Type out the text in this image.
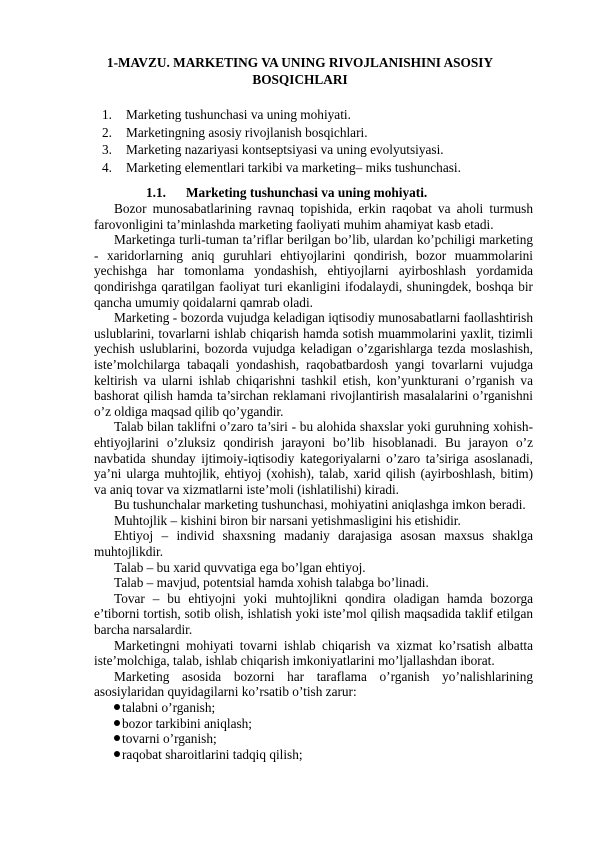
1-MAVZU. MARKETING VA UNING RIVOJLANISHINI ASOSIY
BOSQICHLARI
1. Marketing tushunchasi va uning mohiyati.
2. Marketingning asosiy rivojlanish bosqichlari.
3. Marketing nazariyasi kontseptsiyasi va uning evolyutsiyasi.
4. Marketing elementlari tarkibi va marketing– miks tushunchasi.
1.1. Marketing tushunchasi va uning mohiyati.

Bozor munosabatlarining ravnaq topishida, erkin raqobat va aholi turmush farovonligini ta’minlashda marketing faoliyati muhim ahamiyat kasb etadi.

Marketinga turli-tuman ta’riflar berilgan bo’lib, ulardan ko’pchiligi marketing - xaridorlarning aniq guruhlari ehtiyojlarini qondirish, bozor muammolarini yechishga har tomonlama yondashish, ehtiyojlarni ayirboshlash yordamida qondirishga qaratilgan faoliyat turi ekanligini ifodalaydi, shuningdek, boshqa bir qancha umumiy qoidalarni qamrab oladi.

Marketing - bozorda vujudga keladigan iqtisodiy munosabatlarni faollashtirish uslublarini, tovarlarni ishlab chiqarish hamda sotish muammolarini yaxlit, tizimli yechish uslublarini, bozorda vujudga keladigan o’zgarishlarga tezda moslashish, iste’molchilarga tabaqali yondashish, raqobatbardosh yangi tovarlarni vujudga keltirish va ularni ishlab chiqarishni tashkil etish, kon’yunkturani o’rganish va bashorat qilish hamda ta’sirchan reklamani rivojlantirish masalalarini o’rganishni o’z oldiga maqsad qilib qo’ygandir.

Talab bilan taklifni o’zaro ta’siri - bu alohida shaxslar yoki guruhning xohish-ehtiyojlarini o’zluksiz qondirish jarayoni bo’lib hisoblanadi. Bu jarayon o’z navbatida shunday ijtimoiy-iqtisodiy kategoriyalarni o’zaro ta’siriga asoslanadi, ya’ni ularga muhtojlik, ehtiyoj (xohish), talab, xarid qilish (ayirboshlash, bitim) va aniq tovar va xizmatlarni iste’moli (ishlatilishi) kiradi.

Bu tushunchalar marketing tushunchasi, mohiyatini aniqlashga imkon beradi.

Muhtojlik – kishini biron bir narsani yetishmasligini his etishidir.

Ehtiyoj – individ shaxsning madaniy darajasiga asosan maxsus shaklga muhtojlikdir.

Talab – bu xarid quvvatiga ega bo’lgan ehtiyoj.

Talab – mavjud, potentsial hamda xohish talabga bo’linadi.

Tovar – bu ehtiyojni yoki muhtojlikni qondira oladigan hamda bozorga e’tiborni tortish, sotib olish, ishlatish yoki iste’mol qilish maqsadida taklif etilgan barcha narsalardir.

Marketingni mohiyati tovarni ishlab chiqarish va xizmat ko’rsatish albatta iste’molchiga, talab, ishlab chiqarish imkoniyatlarini mo’ljallashdan iborat.

Marketing asosida bozorni har taraflama o’rganish yo’nalishlarining asosiylaridan quyidagilarni ko’rsatib o’tish zarur:

talabni o’rganish;
bozor tarkibini aniqlash;
tovarni o’rganish;
raqobat sharoitlarini tadqiq qilish;
